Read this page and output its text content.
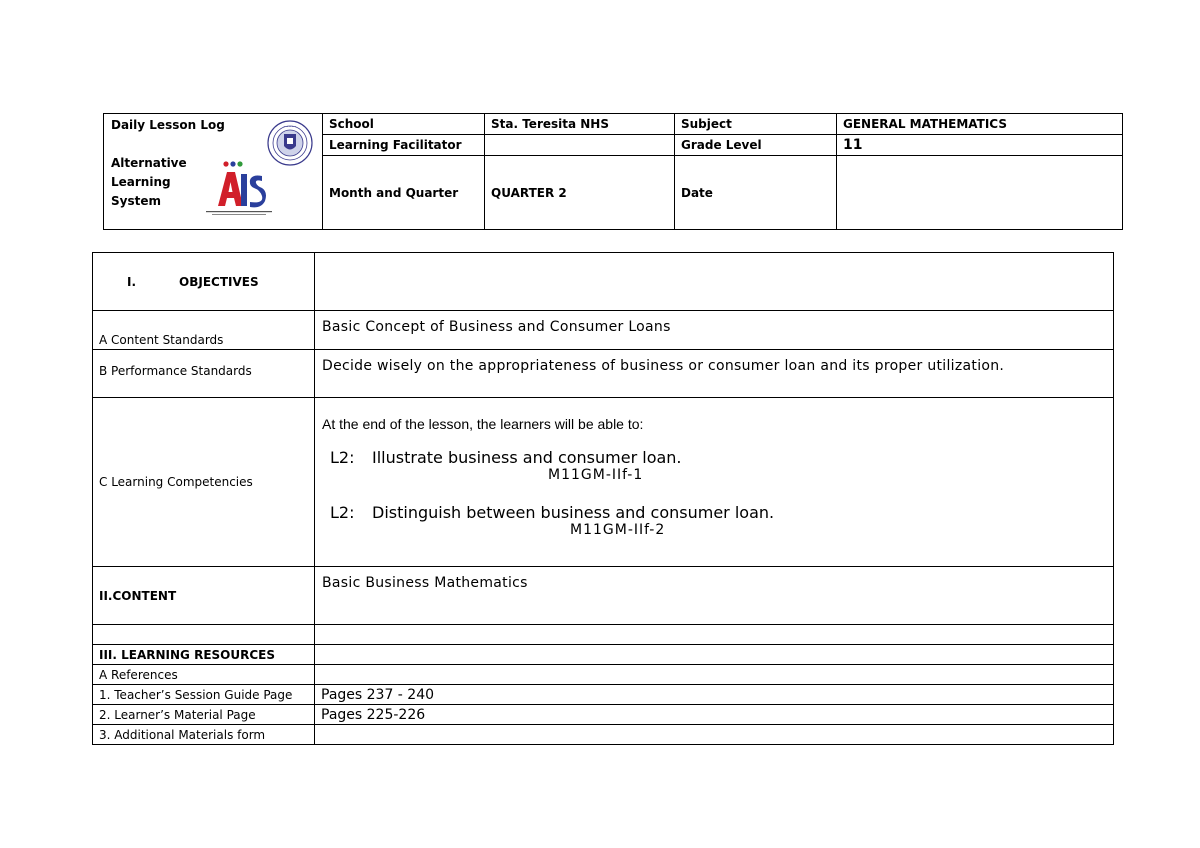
Daily Lesson Log
Alternative
Learning
System
· · · · ·	School	Sta. Teresita NHS	Subject	GENERAL MATHEMATICS
	Learning Facilitator		Grade Level	11
	Month and Quarter	QUARTER 2	Date	
I. OBJECTIVES	
A Content Standards	Basic Concept of Business and Consumer Loans
B Performance Standards	Decide wisely on the appropriateness of business or consumer loan and its proper utilization.
C Learning Competencies	At the end of the lesson, the learners will be able to:
L2: Illustrate business and consumer loan.
M11GM-IIf-1
L2: Distinguish between business and consumer loan.
M11GM-IIf-2

II.CONTENT	Basic Business Mathematics

III. LEARNING RESOURCES	
A References	
1. Teacher’s Session Guide Page	Pages 237 - 240
2. Learner’s Material Page	Pages 225-226
3. Additional Materials form	
